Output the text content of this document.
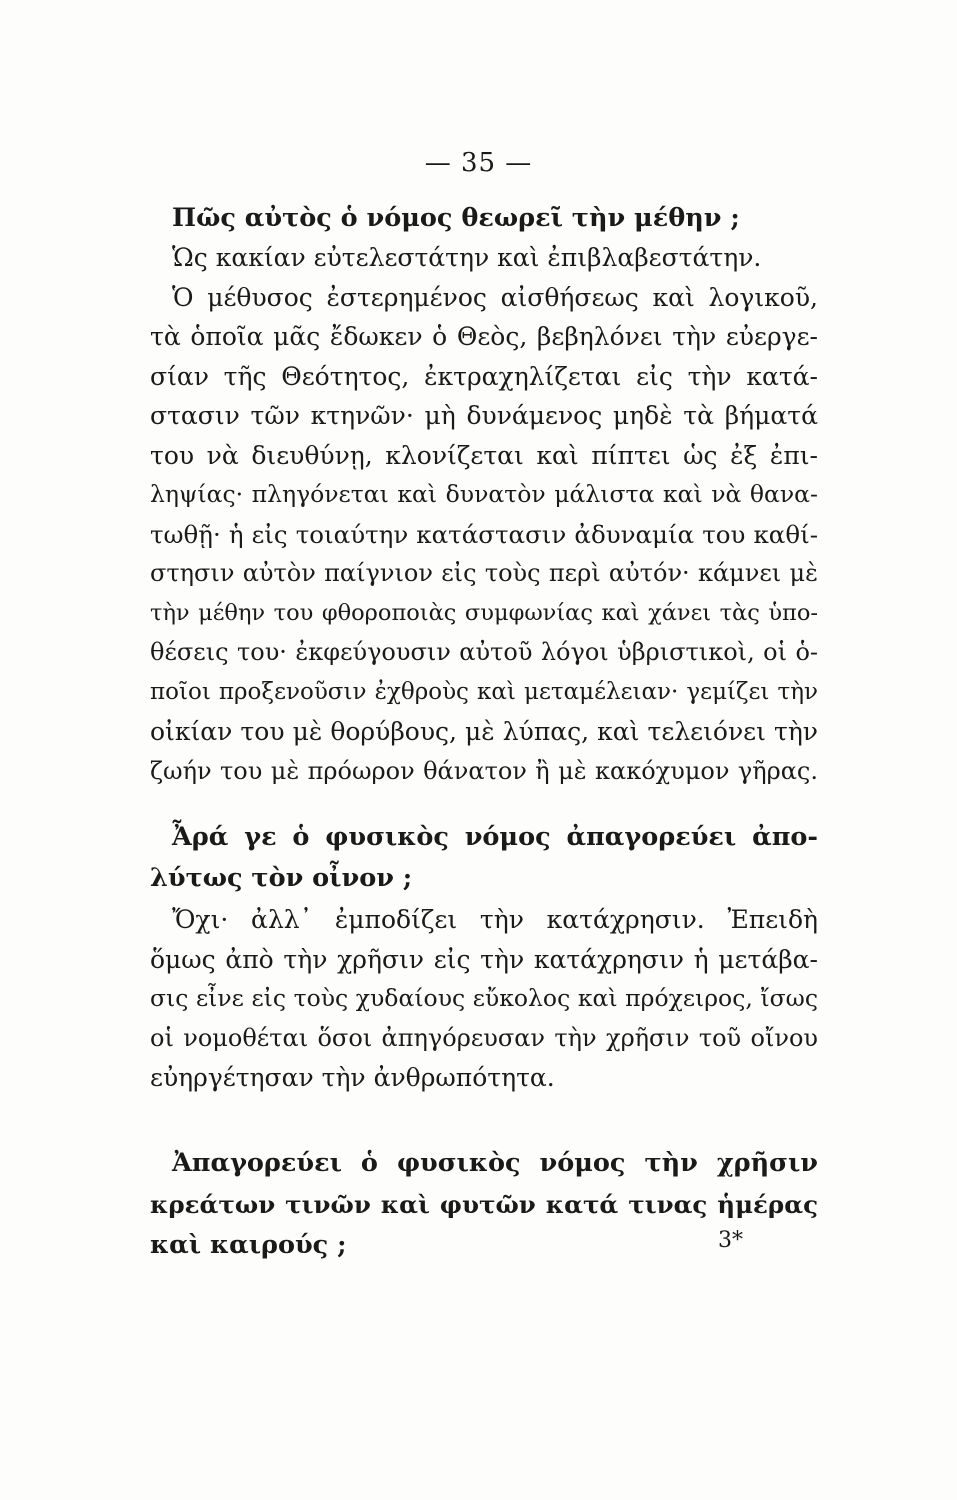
— 35 —
Πῶς αὐτὸς ὁ νόμος θεωρεῖ τὴν μέθην ;
Ὡς κακίαν εὐτελεστάτην καὶ ἐπιβλαβεστάτην.
Ὁ μέθυσος ἐστερημένος αἰσθήσεως καὶ λογικοῦ,
τὰ ὁποῖα μᾶς ἔδωκεν ὁ Θεὸς, βεβηλόνει τὴν εὐεργε-
σίαν τῆς Θεότητος, ἐκτραχηλίζεται εἰς τὴν κατά-
στασιν τῶν κτηνῶν· μὴ δυνάμενος μηδὲ τὰ βήματά
του νὰ διευθύνῃ, κλονίζεται καὶ πίπτει ὡς ἐξ ἐπι-
ληψίας· πληγόνεται καὶ δυνατὸν μάλιστα καὶ νὰ θανα-
τωθῇ· ἡ εἰς τοιαύτην κατάστασιν ἀδυναμία του καθί-
στησιν αὐτὸν παίγνιον εἰς τοὺς περὶ αὐτόν· κάμνει μὲ
τὴν μέθην του φθοροποιὰς συμφωνίας καὶ χάνει τὰς ὑπο-
θέσεις του· ἐκφεύγουσιν αὐτοῦ λόγοι ὑβριστικοὶ, οἱ ὁ-
ποῖοι προξενοῦσιν ἐχθροὺς καὶ μεταμέλειαν· γεμίζει τὴν
οἰκίαν του μὲ θορύβους, μὲ λύπας, καὶ τελειόνει τὴν
ζωήν του μὲ πρόωρον θάνατον ἢ μὲ κακόχυμον γῆρας.
Ἆρά γε ὁ φυσικὸς νόμος ἀπαγορεύει ἀπο-
λύτως τὸν οἶνον ;
Ὄχι· ἀλλ᾿ ἐμποδίζει τὴν κατάχρησιν. Ἐπειδὴ
ὅμως ἀπὸ τὴν χρῆσιν εἰς τὴν κατάχρησιν ἡ μετάβα-
σις εἶνε εἰς τοὺς χυδαίους εὔκολος καὶ πρόχειρος, ἴσως
οἱ νομοθέται ὅσοι ἀπηγόρευσαν τὴν χρῆσιν τοῦ οἴνου
εὐηργέτησαν τὴν ἀνθρωπότητα.
Ἀπαγορεύει ὁ φυσικὸς νόμος τὴν χρῆσιν
κρεάτων τινῶν καὶ φυτῶν κατά τινας ἡμέρας
καὶ καιρούς ;	3*
